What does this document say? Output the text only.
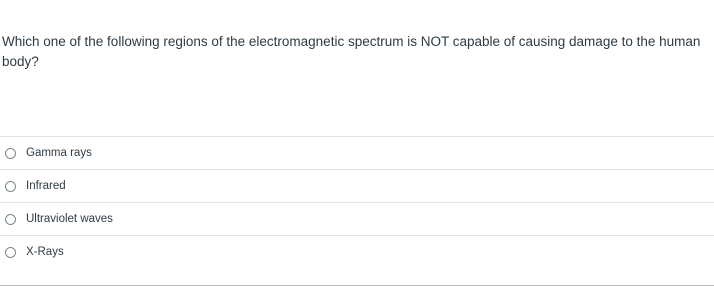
Which one of the following regions of the electromagnetic spectrum is NOT capable of causing damage to the human body?
Gamma rays
Infrared
Ultraviolet waves
X-Rays
